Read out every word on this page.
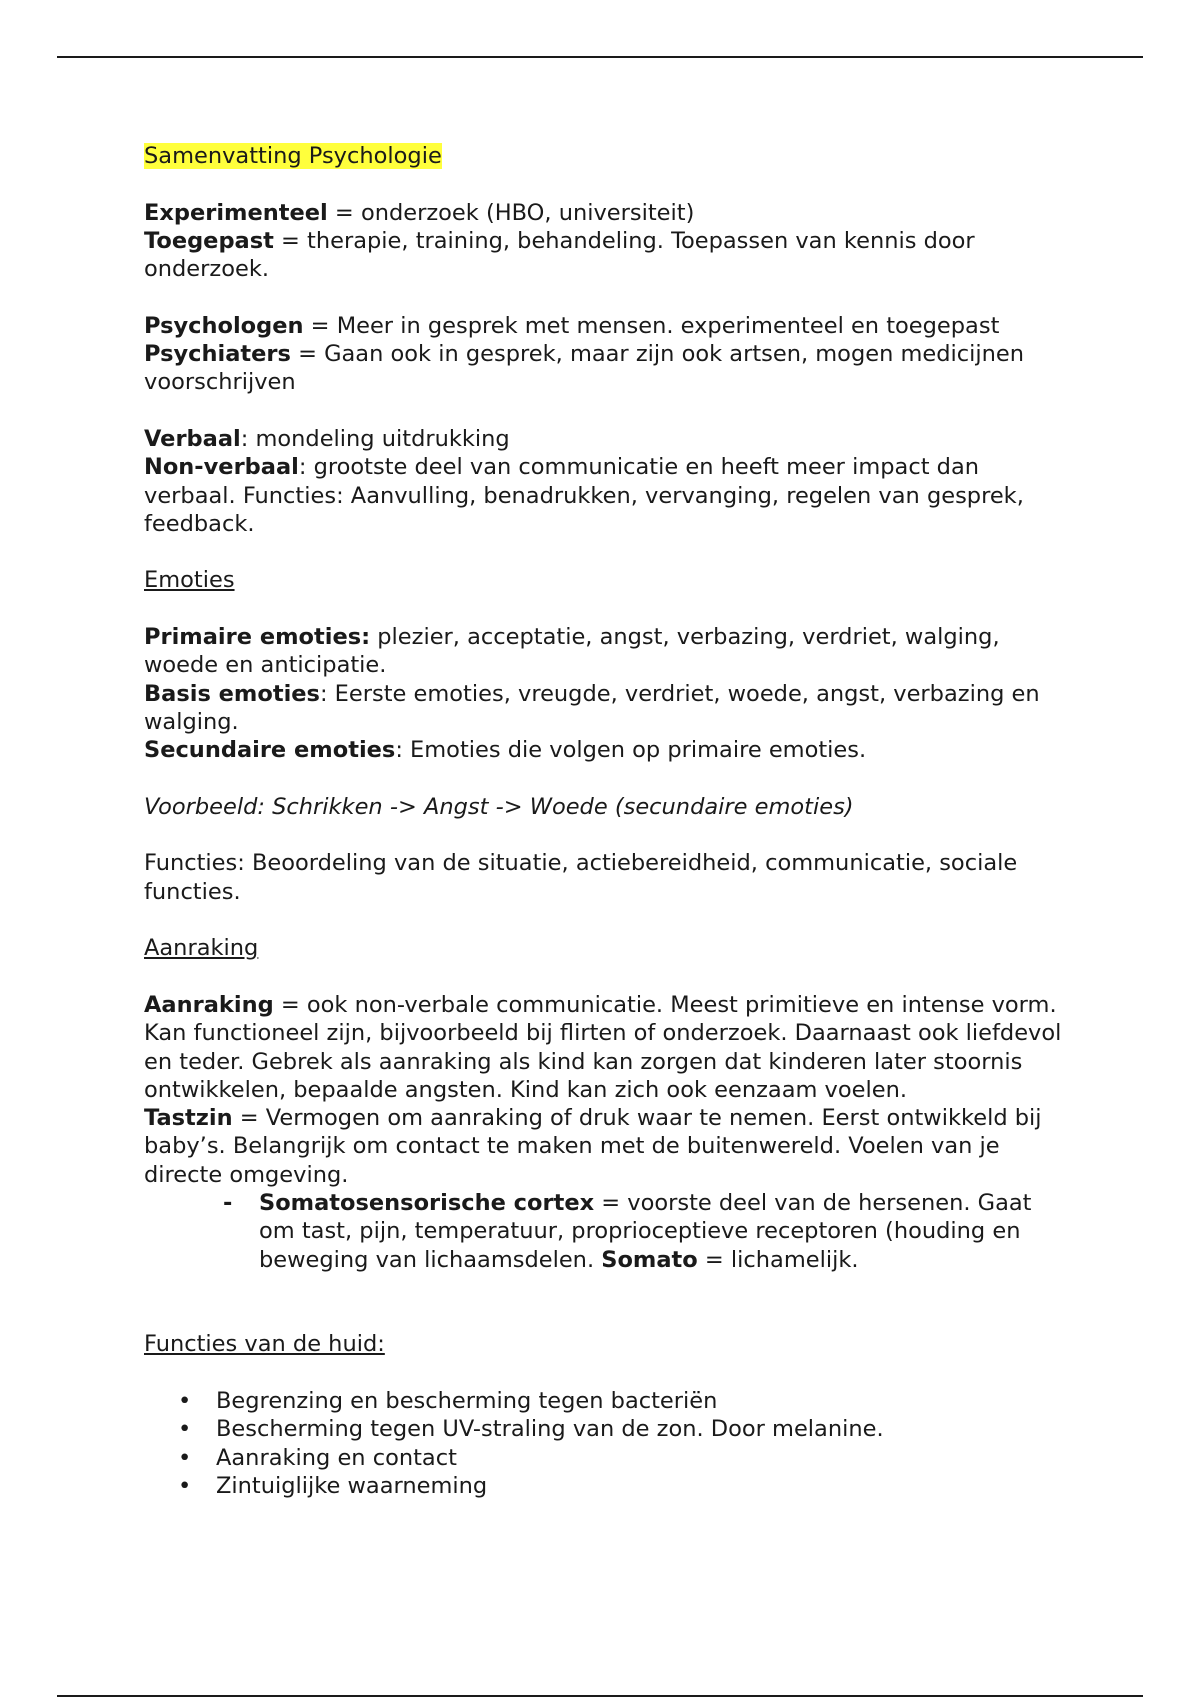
Samenvatting Psychologie

Experimenteel = onderzoek (HBO, universiteit)

Toegepast = therapie, training, behandeling. Toepassen van kennis door onderzoek.

Psychologen = Meer in gesprek met mensen. experimenteel en toegepast

Psychiaters = Gaan ook in gesprek, maar zijn ook artsen, mogen medicijnen voorschrijven

Verbaal: mondeling uitdrukking

Non-verbaal: grootste deel van communicatie en heeft meer impact dan verbaal. Functies: Aanvulling, benadrukken, vervanging, regelen van gesprek, feedback.

Emoties

Primaire emoties: plezier, acceptatie, angst, verbazing, verdriet, walging, woede en anticipatie.

Basis emoties: Eerste emoties, vreugde, verdriet, woede, angst, verbazing en walging.

Secundaire emoties: Emoties die volgen op primaire emoties.

Voorbeeld: Schrikken -> Angst -> Woede (secundaire emoties)

Functies: Beoordeling van de situatie, actiebereidheid, communicatie, sociale functies.

Aanraking

Aanraking = ook non-verbale communicatie. Meest primitieve en intense vorm. Kan functioneel zijn, bijvoorbeeld bij flirten of onderzoek. Daarnaast ook liefdevol en teder. Gebrek als aanraking als kind kan zorgen dat kinderen later stoornis ontwikkelen, bepaalde angsten. Kind kan zich ook eenzaam voelen.

Tastzin = Vermogen om aanraking of druk waar te nemen. Eerst ontwikkeld bij baby’s. Belangrijk om contact te maken met de buitenwereld. Voelen van je directe omgeving.

- Somatosensorische cortex = voorste deel van de hersenen. Gaat om tast, pijn, temperatuur, proprioceptieve receptoren (houding en beweging van lichaamsdelen. Somato = lichamelijk.

Functies van de huid:

• Begrenzing en bescherming tegen bacteriën
• Bescherming tegen UV-straling van de zon. Door melanine.
• Aanraking en contact
• Zintuiglijke waarneming
